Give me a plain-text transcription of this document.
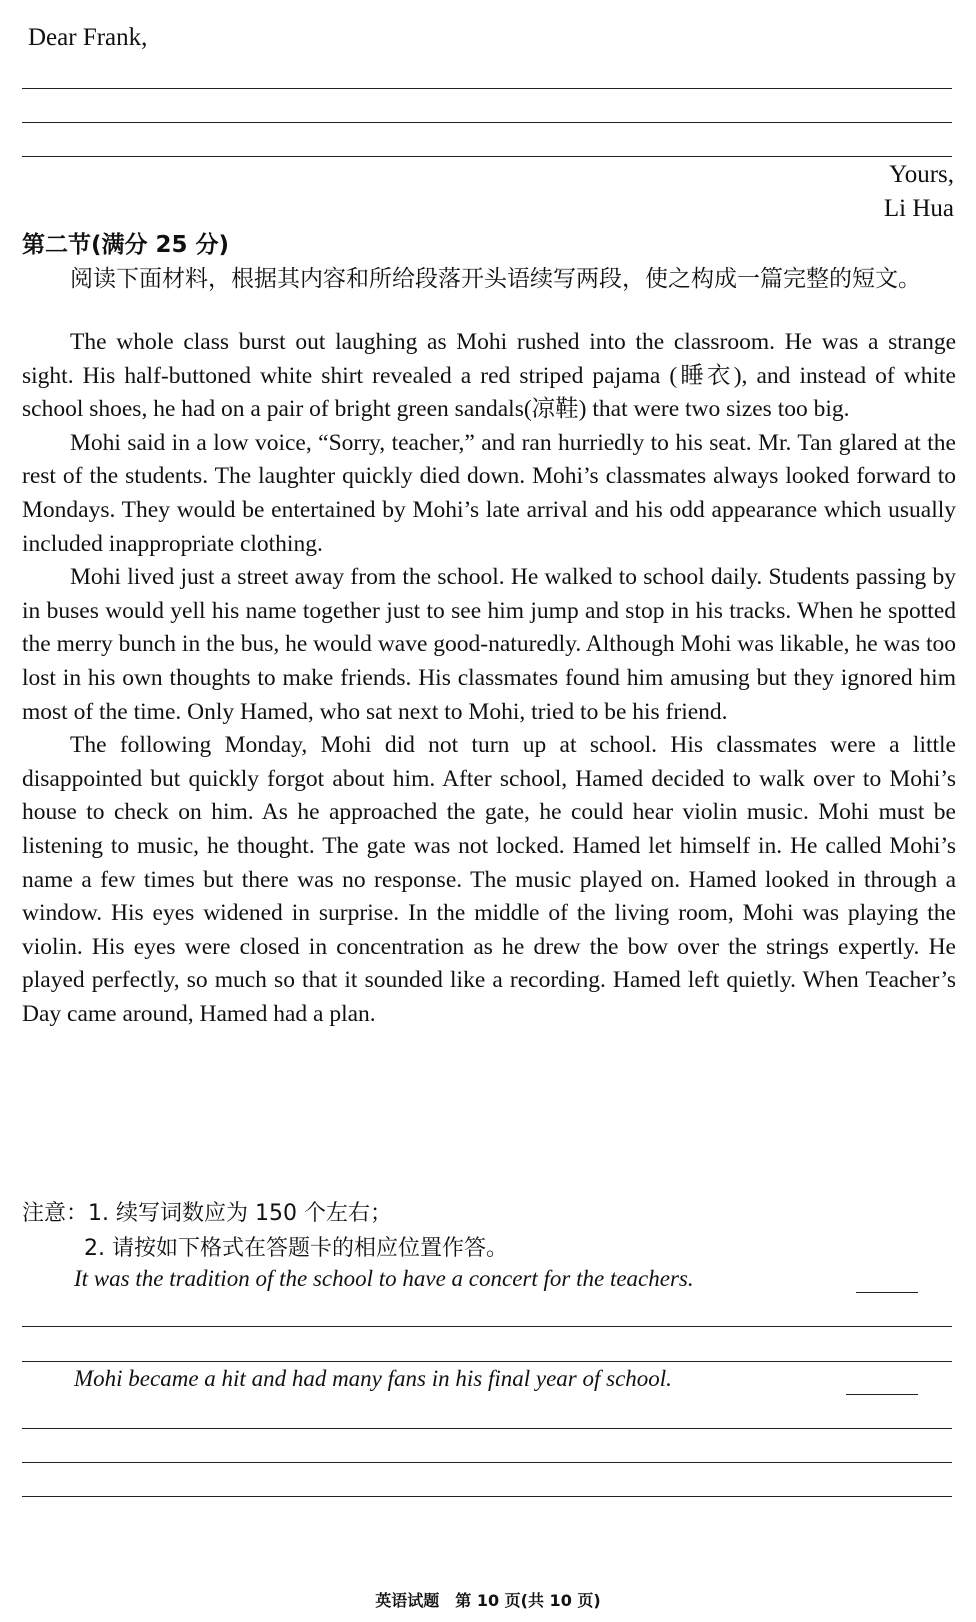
Dear Frank,
Yours,
Li Hua
第二节(满分 25 分)
阅读下面材料，根据其内容和所给段落开头语续写两段，使之构成一篇完整的短文。

The whole class burst out laughing as Mohi rushed into the classroom. He was a strange sight. His half-buttoned white shirt revealed a red striped pajama (睡衣), and instead of white school shoes, he had on a pair of bright green sandals(凉鞋) that were two sizes too big.

Mohi said in a low voice, “Sorry, teacher,” and ran hurriedly to his seat. Mr. Tan glared at the rest of the students. The laughter quickly died down. Mohi’s classmates always looked forward to Mondays. They would be entertained by Mohi’s late arrival and his odd appearance which usually included inappropriate clothing.

Mohi lived just a street away from the school. He walked to school daily. Students passing by in buses would yell his name together just to see him jump and stop in his tracks. When he spotted the merry bunch in the bus, he would wave good-naturedly. Although Mohi was likable, he was too lost in his own thoughts to make friends. His classmates found him amusing but they ignored him most of the time. Only Hamed, who sat next to Mohi, tried to be his friend.

The following Monday, Mohi did not turn up at school. His classmates were a little disappointed but quickly forgot about him. After school, Hamed decided to walk over to Mohi’s house to check on him. As he approached the gate, he could hear violin music. Mohi must be listening to music, he thought. The gate was not locked. Hamed let himself in. He called Mohi’s name a few times but there was no response. The music played on. Hamed looked in through a window. His eyes widened in surprise. In the middle of the living room, Mohi was playing the violin. His eyes were closed in concentration as he drew the bow over the strings expertly. He played perfectly, so much so that it sounded like a recording. Hamed left quietly. When Teacher’s Day came around, Hamed had a plan.

注意：1. 续写词数应为 150 个左右；
2. 请按如下格式在答题卡的相应位置作答。
It was the tradition of the school to have a concert for the teachers.
Mohi became a hit and had many fans in his final year of school.
英语试题　第 10 页(共 10 页)
